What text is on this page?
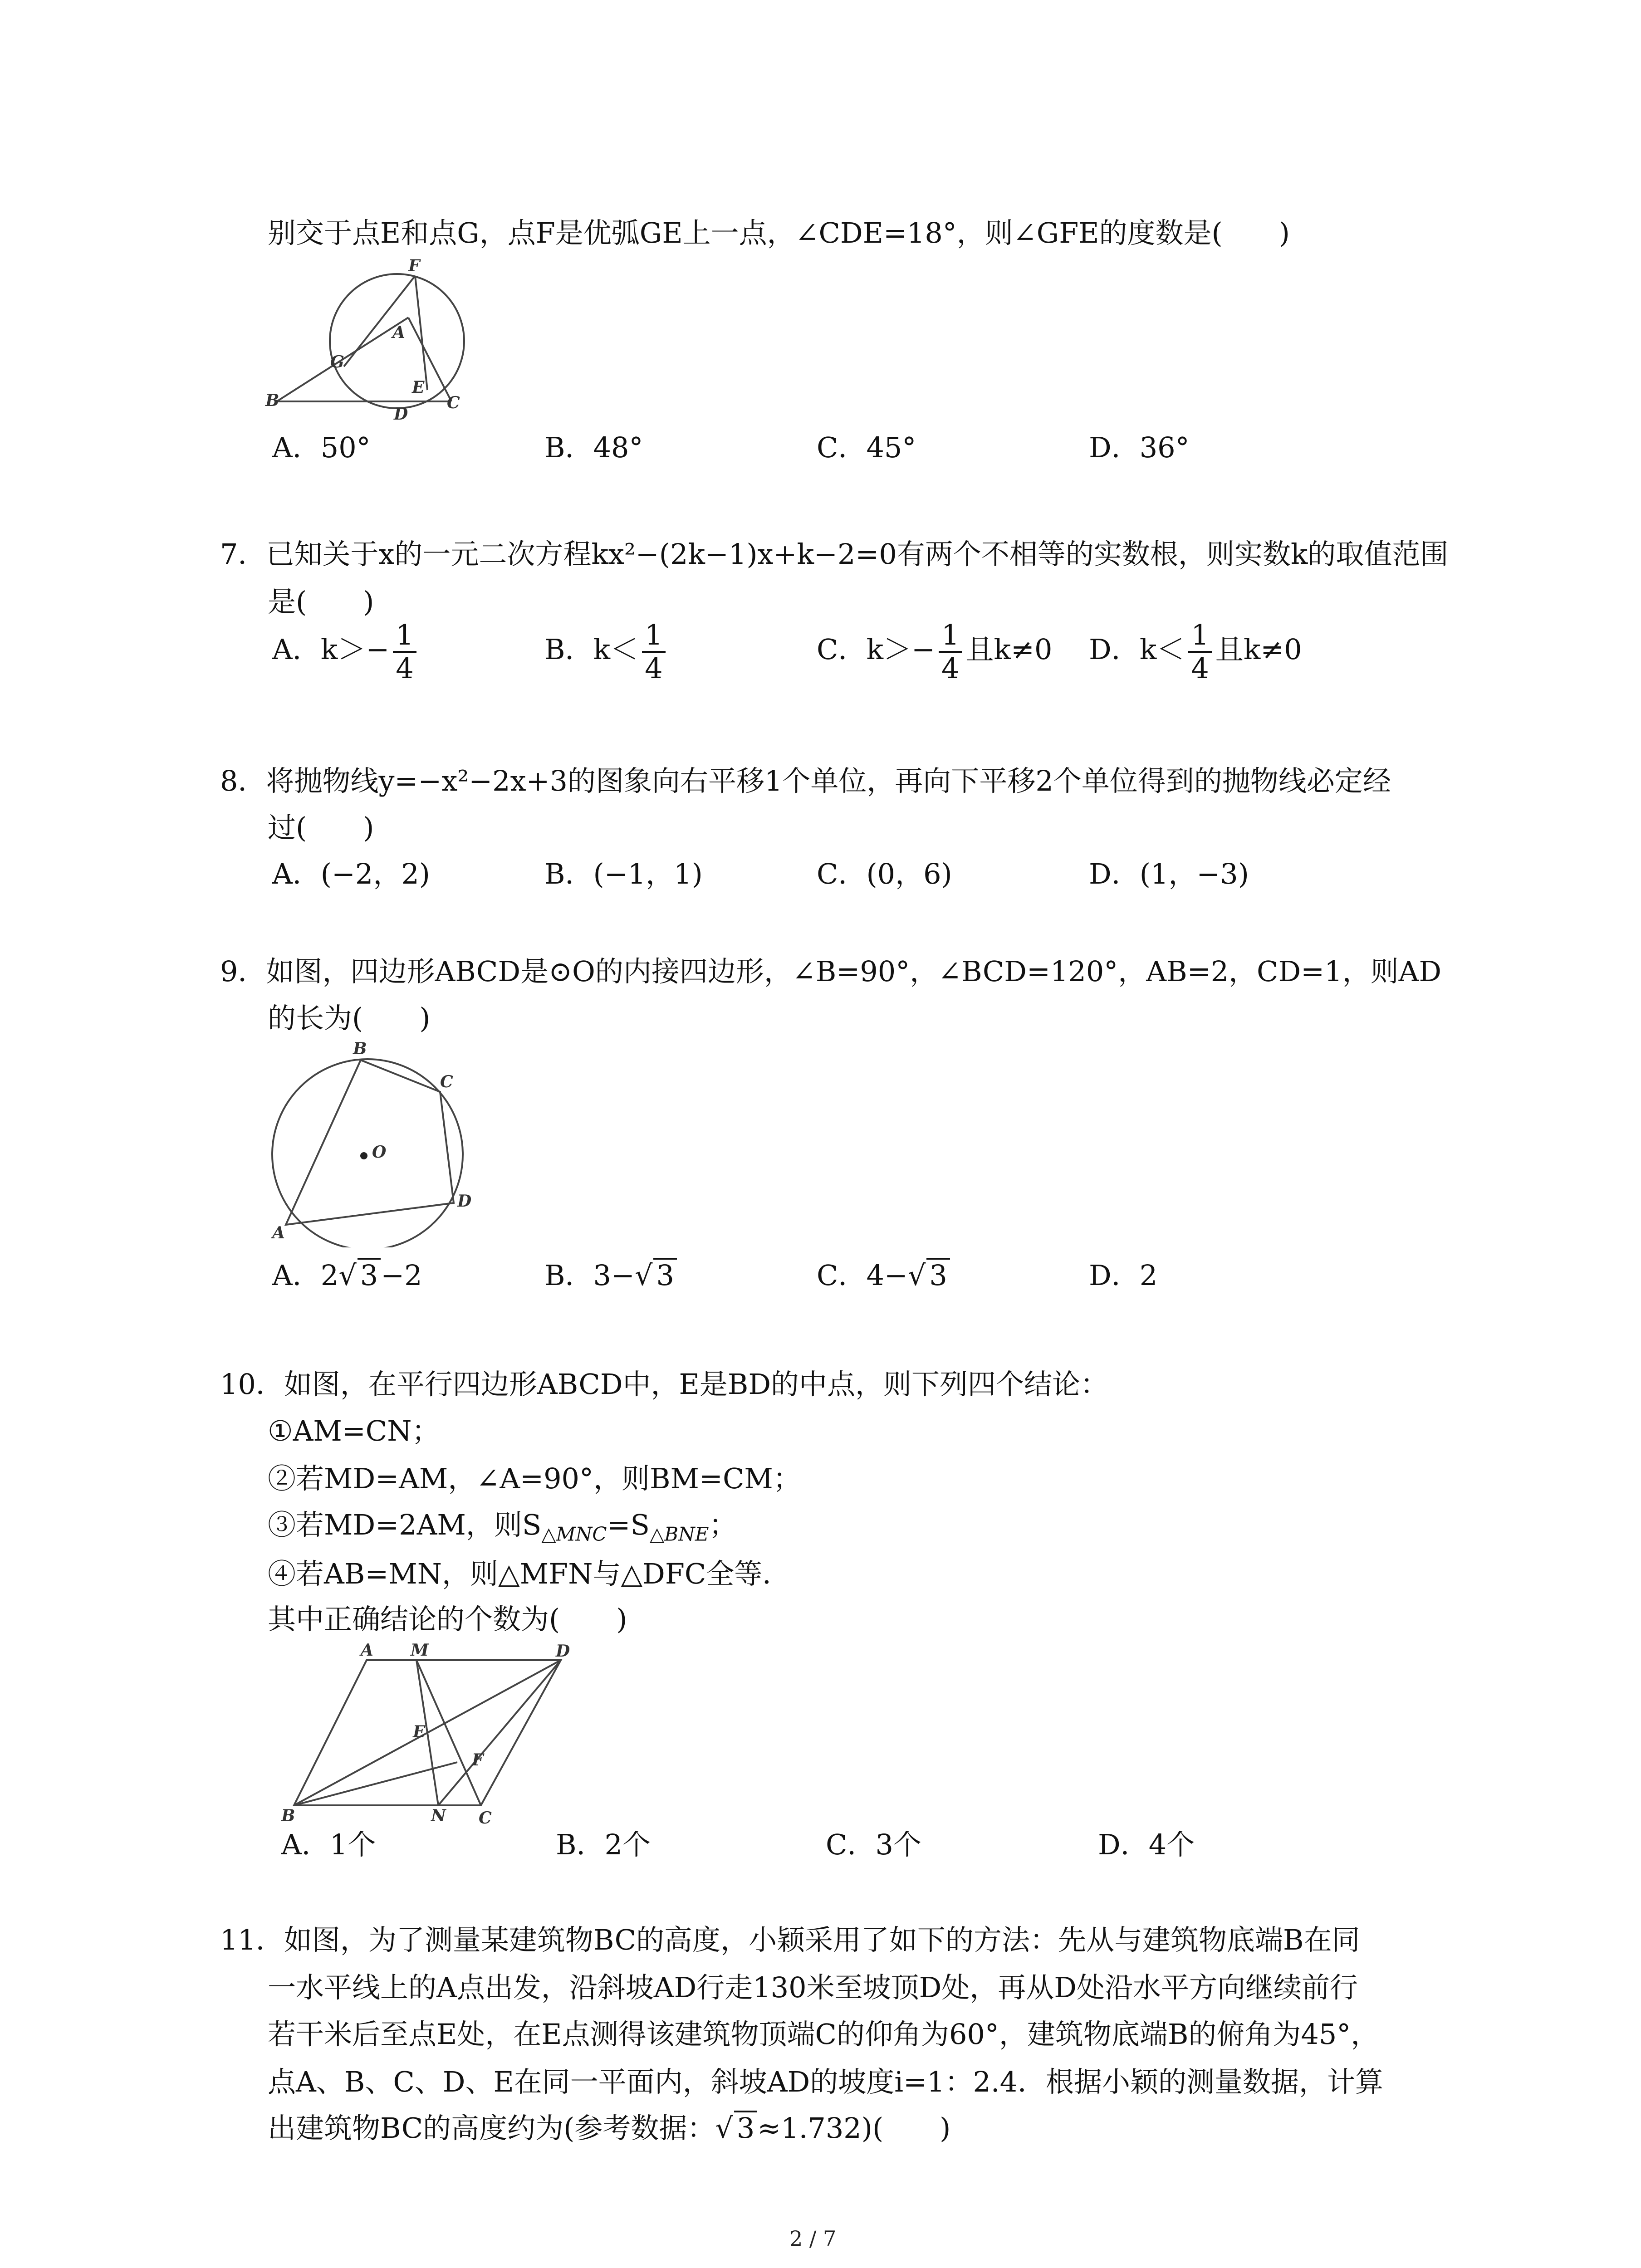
别交于点E和点G，点F是优弧GE上一点，∠CDE=18°，则∠GFE的度数是(　　)
F
A
G
E
B
D
C
A．50°	B．48°	C．45°	D．36°
7．已知关于x的一元二次方程kx²−(2k−1)x+k−2=0有两个不相等的实数根，则实数k的取值范围
是(　　)
A．$k>- \frac{1}{4}$	B．$k< \frac{1}{4}$	C．$k>- \frac{1}{4}$ 且k≠0 D．$k< \frac{1}{4}$ 且k≠0
8．将抛物线y=−x²−2x+3的图象向右平移1个单位，再向下平移2个单位得到的抛物线必定经
过(　　)
A．(−2，2)	B．(−1，1)	C．(0，6)	D．(1，−3)
9．如图，四边形ABCD是⊙O的内接四边形，∠B=90°，∠BCD=120°，AB=2，CD=1，则AD
的长为(　　)
B
C
O
D
A
A．2√ 3−2	B．3−√ 3	C．4−√ 3	D．2
10．如图，在平行四边形ABCD中，E是BD的中点，则下列四个结论：
①AM=CN；
②若MD=AM，∠A=90°，则BM=CM；
③若MD=2AM，则$S_{\triangle MNC}=S_{\triangle BNE}$；
④若AB=MN，则△MFN与△DFC全等．
其中正确结论的个数为(　　)
A M	D
E
F
B	N C
A．1个	B．2个	C．3个	D．4个
11．如图，为了测量某建筑物BC的高度，小颖采用了如下的方法：先从与建筑物底端B在同
一水平线上的A点出发，沿斜坡AD行走130米至坡顶D处，再从D处沿水平方向继续前行
若干米后至点E处，在E点测得该建筑物顶端C的仰角为60°，建筑物底端B的俯角为45°，
点A、B、C、D、E在同一平面内，斜坡AD的坡度i=1：2.4．根据小颖的测量数据，计算
出建筑物BC的高度约为(参考数据：√ 3≈1.732)(　　)
2 / 7
